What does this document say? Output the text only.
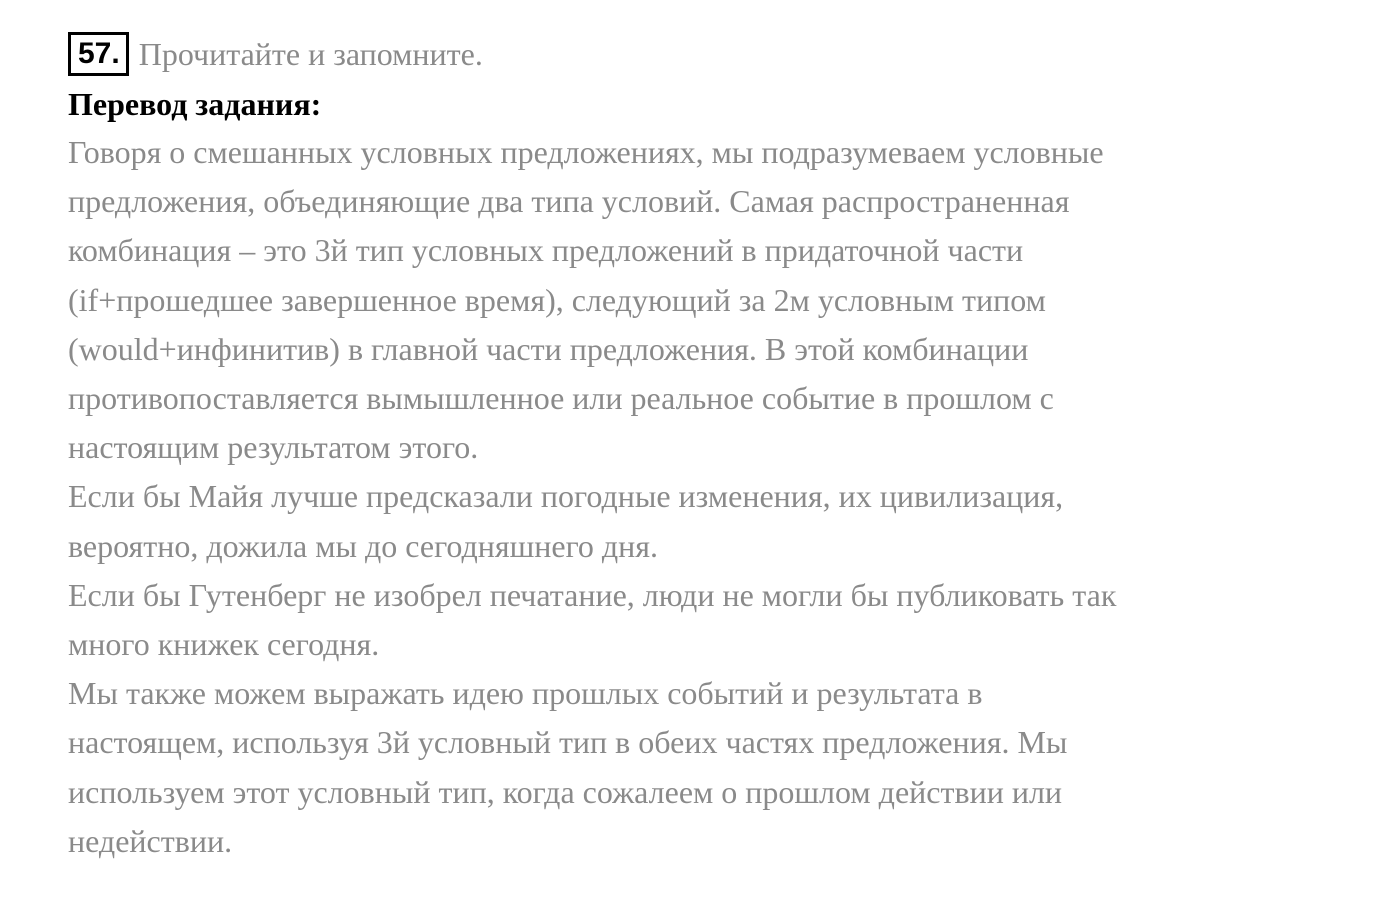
57. Прочитайте и запомните.
Перевод задания:
Говоря о смешанных условных предложениях, мы подразумеваем условные
предложения, объединяющие два типа условий. Самая распространенная
комбинация – это 3й тип условных предложений в придаточной части
(if+прошедшее завершенное время), следующий за 2м условным типом
(would+инфинитив) в главной части предложения. В этой комбинации
противопоставляется вымышленное или реальное событие в прошлом с
настоящим результатом этого.
Если бы Майя лучше предсказали погодные изменения, их цивилизация,
вероятно, дожила мы до сегодняшнего дня.
Если бы Гутенберг не изобрел печатание, люди не могли бы публиковать так
много книжек сегодня.
Мы также можем выражать идею прошлых событий и результата в
настоящем, используя 3й условный тип в обеих частях предложения. Мы
используем этот условный тип, когда сожалеем о прошлом действии или
недействии.
